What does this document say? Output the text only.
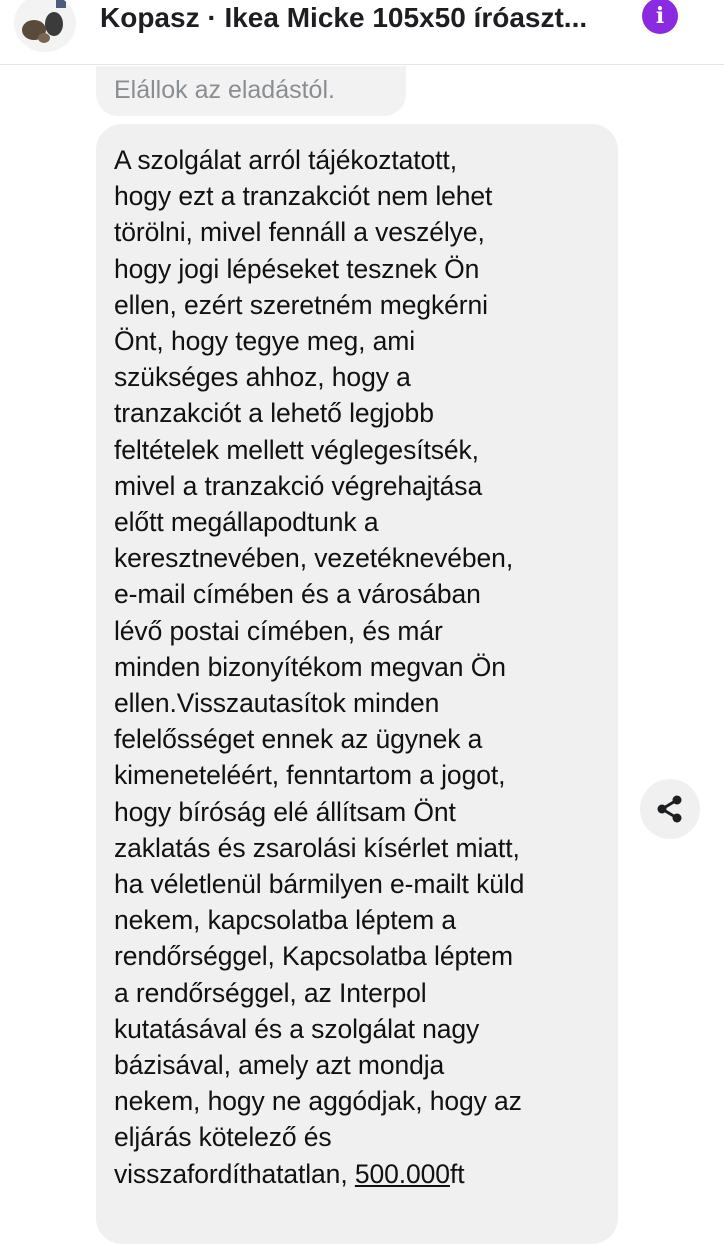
Kopasz · Ikea Micke 105x50 íróaszt...	i
Elállok az eladástól.
A szolgálat arról tájékoztatott,
hogy ezt a tranzakciót nem lehet
törölni, mivel fennáll a veszélye,
hogy jogi lépéseket tesznek Ön
ellen, ezért szeretném megkérni
Önt, hogy tegye meg, ami
szükséges ahhoz, hogy a
tranzakciót a lehető legjobb
feltételek mellett véglegesítsék,
mivel a tranzakció végrehajtása
előtt megállapodtunk a
keresztnevében, vezetéknevében,
e-mail címében és a városában
lévő postai címében, és már
minden bizonyítékom megvan Ön
ellen.Visszautasítok minden
felelősséget ennek az ügynek a
kimeneteléért, fenntartom a jogot,
hogy bíróság elé állítsam Önt
zaklatás és zsarolási kísérlet miatt,
ha véletlenül bármilyen e-mailt küld
nekem, kapcsolatba léptem a
rendőrséggel, Kapcsolatba léptem
a rendőrséggel, az Interpol
kutatásával és a szolgálat nagy
bázisával, amely azt mondja
nekem, hogy ne aggódjak, hogy az
eljárás kötelező és
visszafordíthatatlan, 500.000ft
